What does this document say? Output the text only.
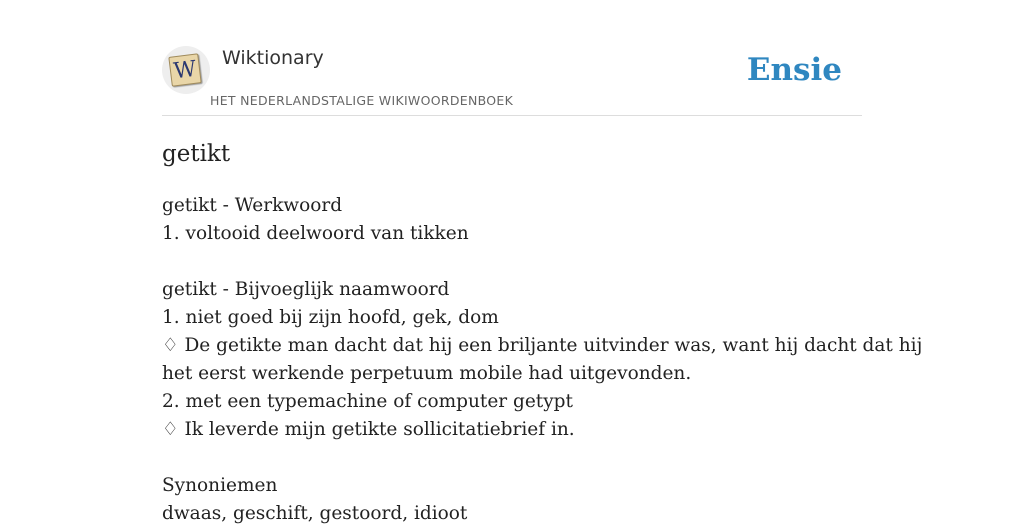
W Wiktionary
HET NEDERLANDSTALIGE WIKIWOORDENBOEK
Ensie
getikt
getikt - Werkwoord
1. voltooid deelwoord van tikken
getikt - Bijvoeglijk naamwoord
1. niet goed bij zijn hoofd, gek, dom
♢ De getikte man dacht dat hij een briljante uitvinder was, want hij dacht dat hij
het eerst werkende perpetuum mobile had uitgevonden.
2. met een typemachine of computer getypt
♢ Ik leverde mijn getikte sollicitatiebrief in.
Synoniemen
dwaas, geschift, gestoord, idioot
